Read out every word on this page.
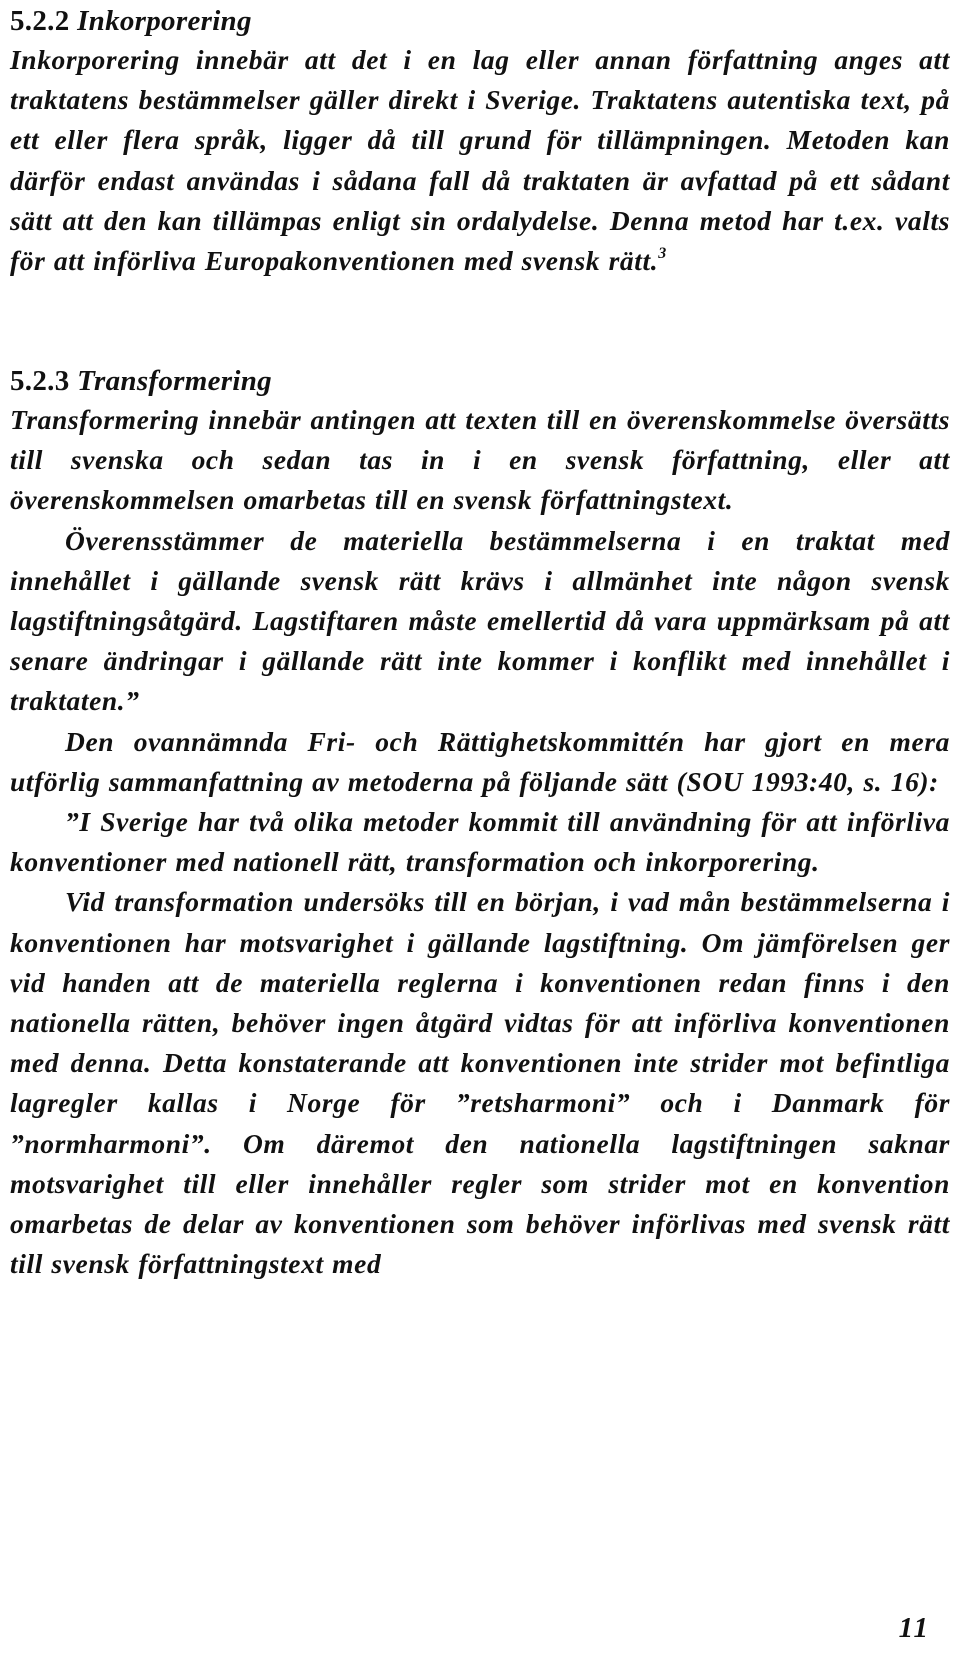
5.2.2 Inkorporering

Inkorporering innebär att det i en lag eller annan författning anges att traktatens bestämmelser gäller direkt i Sverige. Traktatens autentiska text, på ett eller flera språk, ligger då till grund för tillämpningen. Metoden kan därför endast användas i sådana fall då traktaten är avfattad på ett sådant sätt att den kan tillämpas enligt sin ordalydelse. Denna metod har t.ex. valts för att införliva Europakonventionen med svensk rätt.$^3$

5.2.3 Transformering

Transformering innebär antingen att texten till en överenskommelse översätts till svenska och sedan tas in i en svensk författning, eller att överenskommelsen omarbetas till en svensk författningstext.

Överensstämmer de materiella bestämmelserna i en traktat med innehållet i gällande svensk rätt krävs i allmänhet inte någon svensk lagstiftningsåtgärd. Lagstiftaren måste emellertid då vara uppmärksam på att senare ändringar i gällande rätt inte kommer i konflikt med innehållet i traktaten.”

Den ovannämnda Fri- och Rättighetskommittén har gjort en mera utförlig sammanfattning av metoderna på följande sätt (SOU 1993:40, s. 16):

”I Sverige har två olika metoder kommit till användning för att införliva konventioner med nationell rätt, transformation och inkorporering.

Vid transformation undersöks till en början, i vad mån bestämmelserna i konventionen har motsvarighet i gällande lagstiftning. Om jämförelsen ger vid handen att de materiella reglerna i konventionen redan finns i den nationella rätten, behöver ingen åtgärd vidtas för att införliva konventionen med denna. Detta konstaterande att konventionen inte strider mot befintliga lagregler kallas i Norge för ”retsharmoni” och i Danmark för ”normharmoni”. Om däremot den nationella lagstiftningen saknar motsvarighet till eller innehåller regler som strider mot en konvention omarbetas de delar av konventionen som behöver införlivas med svensk rätt till svensk författningstext med

11
